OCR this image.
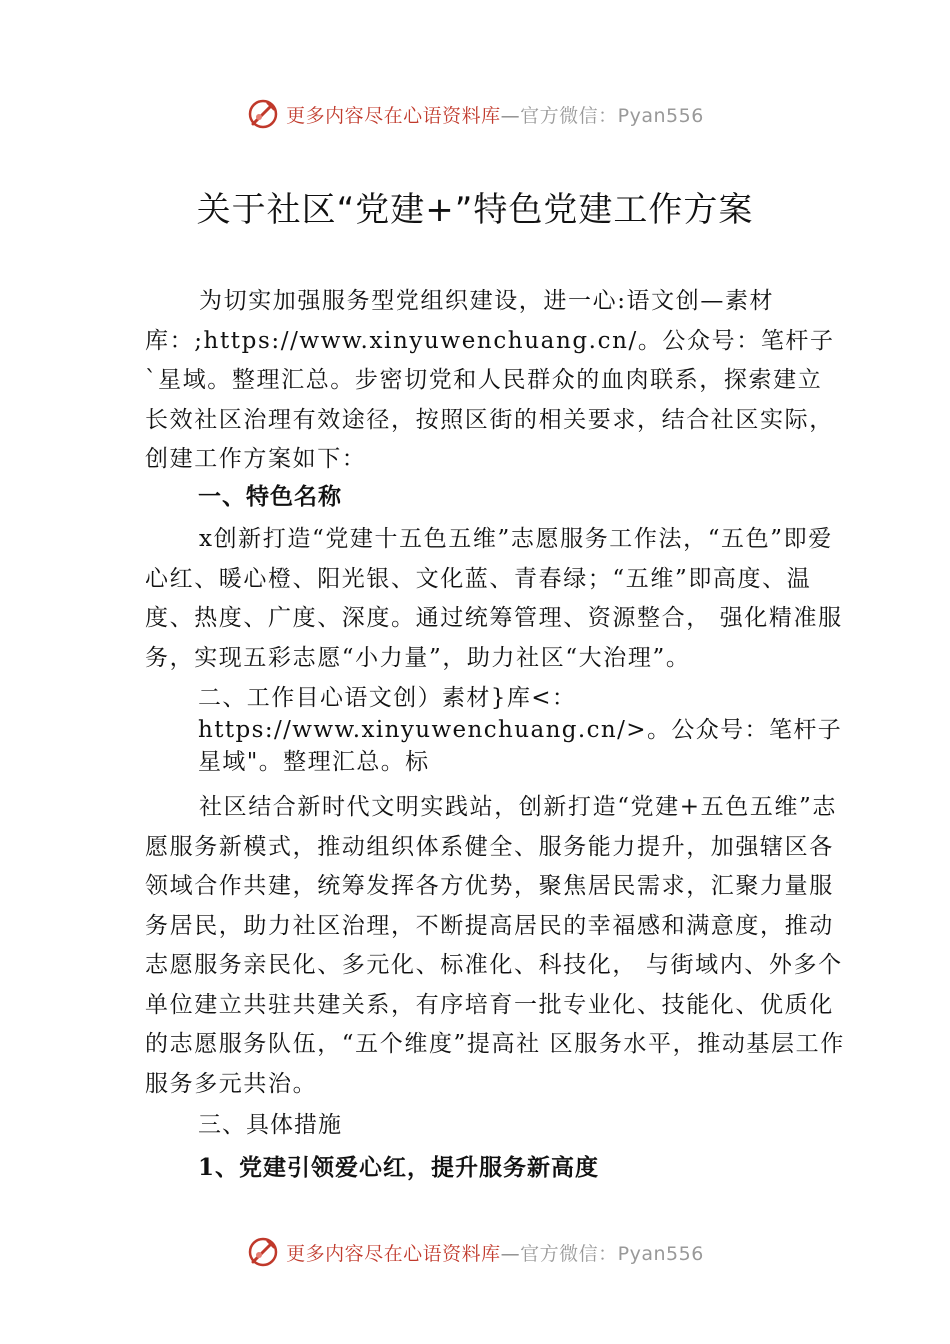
更多内容尽在心语资料库—官方微信：Pyan556
关于社区“党建+”特色党建工作方案

为切实加强服务型党组织建设，进一心:语文创—素材库：;https://www.xinyuwenchuang.cn/。公众号：笔杆子`星域。整理汇总。步密切党和人民群众的血肉联系，探索建立长效社区治理有效途径，按照区街的相关要求，结合社区实际，创建工作方案如下：

一、特色名称

x创新打造“党建十五色五维”志愿服务工作法，“五色”即爱心红、暖心橙、阳光银、文化蓝、青春绿；“五维”即高度、温度、热度、广度、深度。通过统筹管理、资源整合， 强化精准服务，实现五彩志愿“小力量”，助力社区“大治理”。

二、工作目心语文创）素材}库<：https://www.xinyuwenchuang.cn/>。公众号：笔杆子星域"。整理汇总。标

社区结合新时代文明实践站，创新打造“党建+五色五维”志愿服务新模式，推动组织体系健全、服务能力提升，加强辖区各领域合作共建，统筹发挥各方优势，聚焦居民需求，汇聚力量服务居民，助力社区治理，不断提高居民的幸福感和满意度，推动志愿服务亲民化、多元化、标准化、科技化， 与街域内、外多个单位建立共驻共建关系，有序培育一批专业化、技能化、优质化的志愿服务队伍，“五个维度”提高社 区服务水平，推动基层工作服务多元共治。

三、具体措施
1、党建引领爱心红，提升服务新高度
更多内容尽在心语资料库—官方微信：Pyan556
